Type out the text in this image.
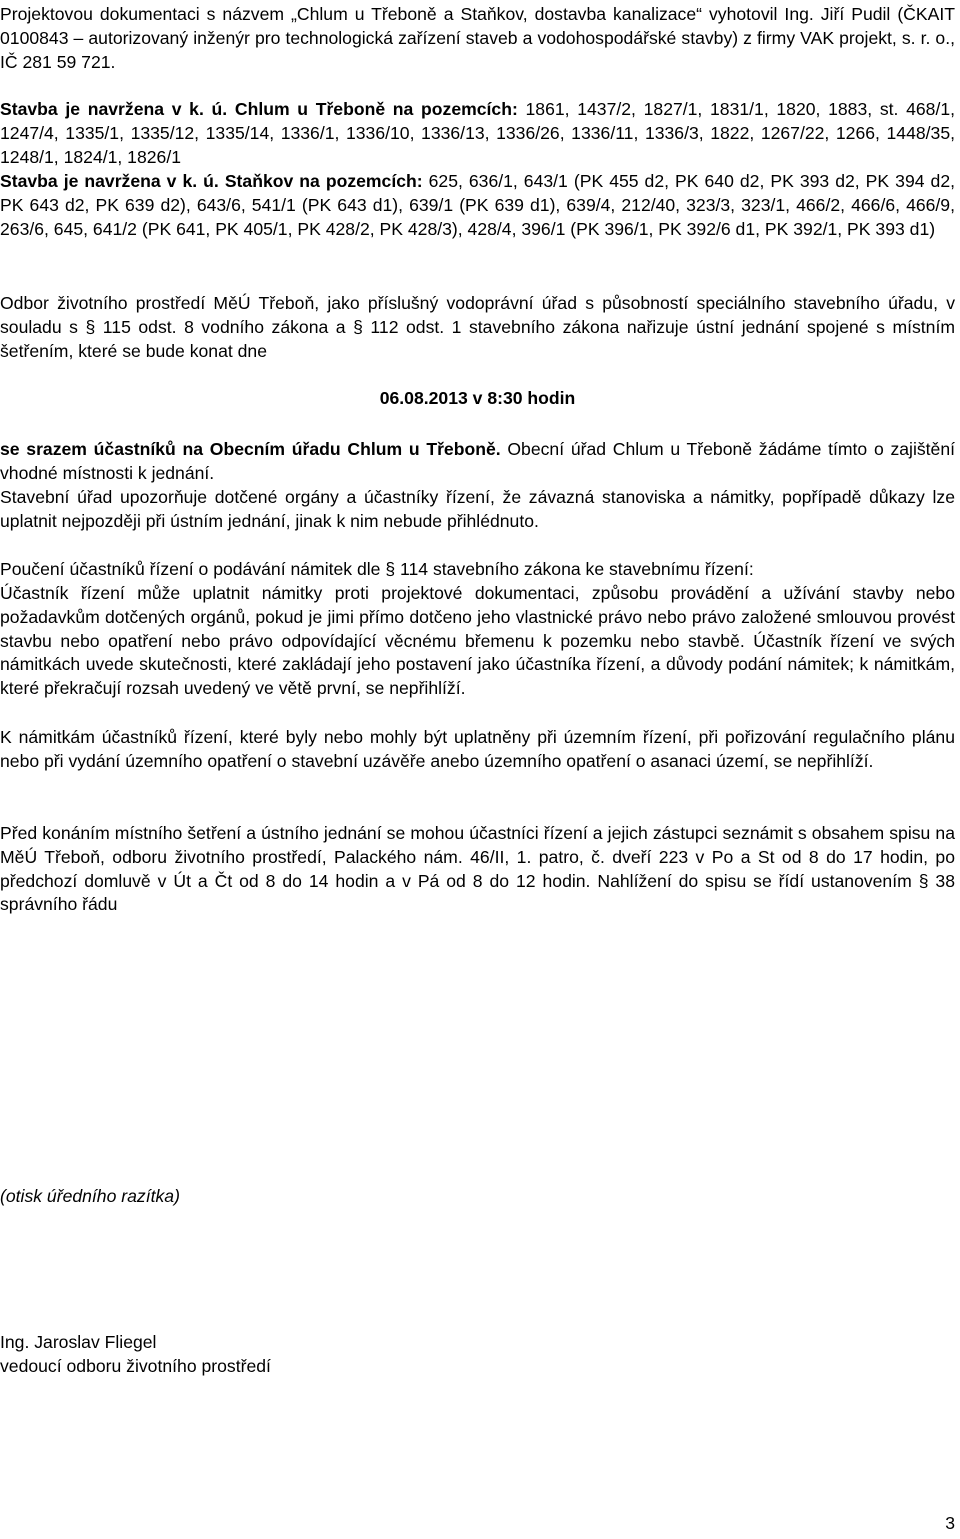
Projektovou dokumentaci s názvem „Chlum u Třeboně a Staňkov, dostavba kanalizace“ vyhotovil Ing. Jiří Pudil (ČKAIT 0100843 – autorizovaný inženýr pro technologická zařízení staveb a vodohospodářské stavby) z firmy VAK projekt, s. r. o., IČ 281 59 721.

Stavba je navržena v k. ú. Chlum u Třeboně na pozemcích: 1861, 1437/2, 1827/1, 1831/1, 1820, 1883, st. 468/1, 1247/4, 1335/1, 1335/12, 1335/14, 1336/1, 1336/10, 1336/13, 1336/26, 1336/11, 1336/3, 1822, 1267/22, 1266, 1448/35, 1248/1, 1824/1, 1826/1

Stavba je navržena v k. ú. Staňkov na pozemcích: 625, 636/1, 643/1 (PK 455 d2, PK 640 d2, PK 393 d2, PK 394 d2, PK 643 d2, PK 639 d2), 643/6, 541/1 (PK 643 d1), 639/1 (PK 639 d1), 639/4, 212/40, 323/3, 323/1, 466/2, 466/6, 466/9, 263/6, 645, 641/2 (PK 641, PK 405/1, PK 428/2, PK 428/3), 428/4, 396/1 (PK 396/1, PK 392/6 d1, PK 392/1, PK 393 d1)

Odbor životního prostředí MěÚ Třeboň, jako příslušný vodoprávní úřad s působností speciálního stavebního úřadu, v souladu s § 115 odst. 8 vodního zákona a § 112 odst. 1 stavebního zákona nařizuje ústní jednání spojené s místním šetřením, které se bude konat dne

06.08.2013 v 8:30 hodin

se srazem účastníků na Obecním úřadu Chlum u Třeboně. Obecní úřad Chlum u Třeboně žádáme tímto o zajištění vhodné místnosti k jednání.

Stavební úřad upozorňuje dotčené orgány a účastníky řízení, že závazná stanoviska a námitky, popřípadě důkazy lze uplatnit nejpozději při ústním jednání, jinak k nim nebude přihlédnuto.

Poučení účastníků řízení o podávání námitek dle § 114 stavebního zákona ke stavebnímu řízení:

Účastník řízení může uplatnit námitky proti projektové dokumentaci, způsobu provádění a užívání stavby nebo požadavkům dotčených orgánů, pokud je jimi přímo dotčeno jeho vlastnické právo nebo právo založené smlouvou provést stavbu nebo opatření nebo právo odpovídající věcnému břemenu k pozemku nebo stavbě. Účastník řízení ve svých námitkách uvede skutečnosti, které zakládají jeho postavení jako účastníka řízení, a důvody podání námitek; k námitkám, které překračují rozsah uvedený ve větě první, se nepřihlíží.

K námitkám účastníků řízení, které byly nebo mohly být uplatněny při územním řízení, při pořizování regulačního plánu nebo při vydání územního opatření o stavební uzávěře anebo územního opatření o asanaci území, se nepřihlíží.

Před konáním místního šetření a ústního jednání se mohou účastníci řízení a jejich zástupci seznámit s obsahem spisu na MěÚ Třeboň, odboru životního prostředí, Palackého nám. 46/II, 1. patro, č. dveří 223 v Po a St od 8 do 17 hodin, po předchozí domluvě v Út a Čt od 8 do 14 hodin a v Pá od 8 do 12 hodin. Nahlížení do spisu se řídí ustanovením § 38 správního řádu

(otisk úředního razítka)

Ing. Jaroslav Fliegel
vedoucí odboru životního prostředí
3
